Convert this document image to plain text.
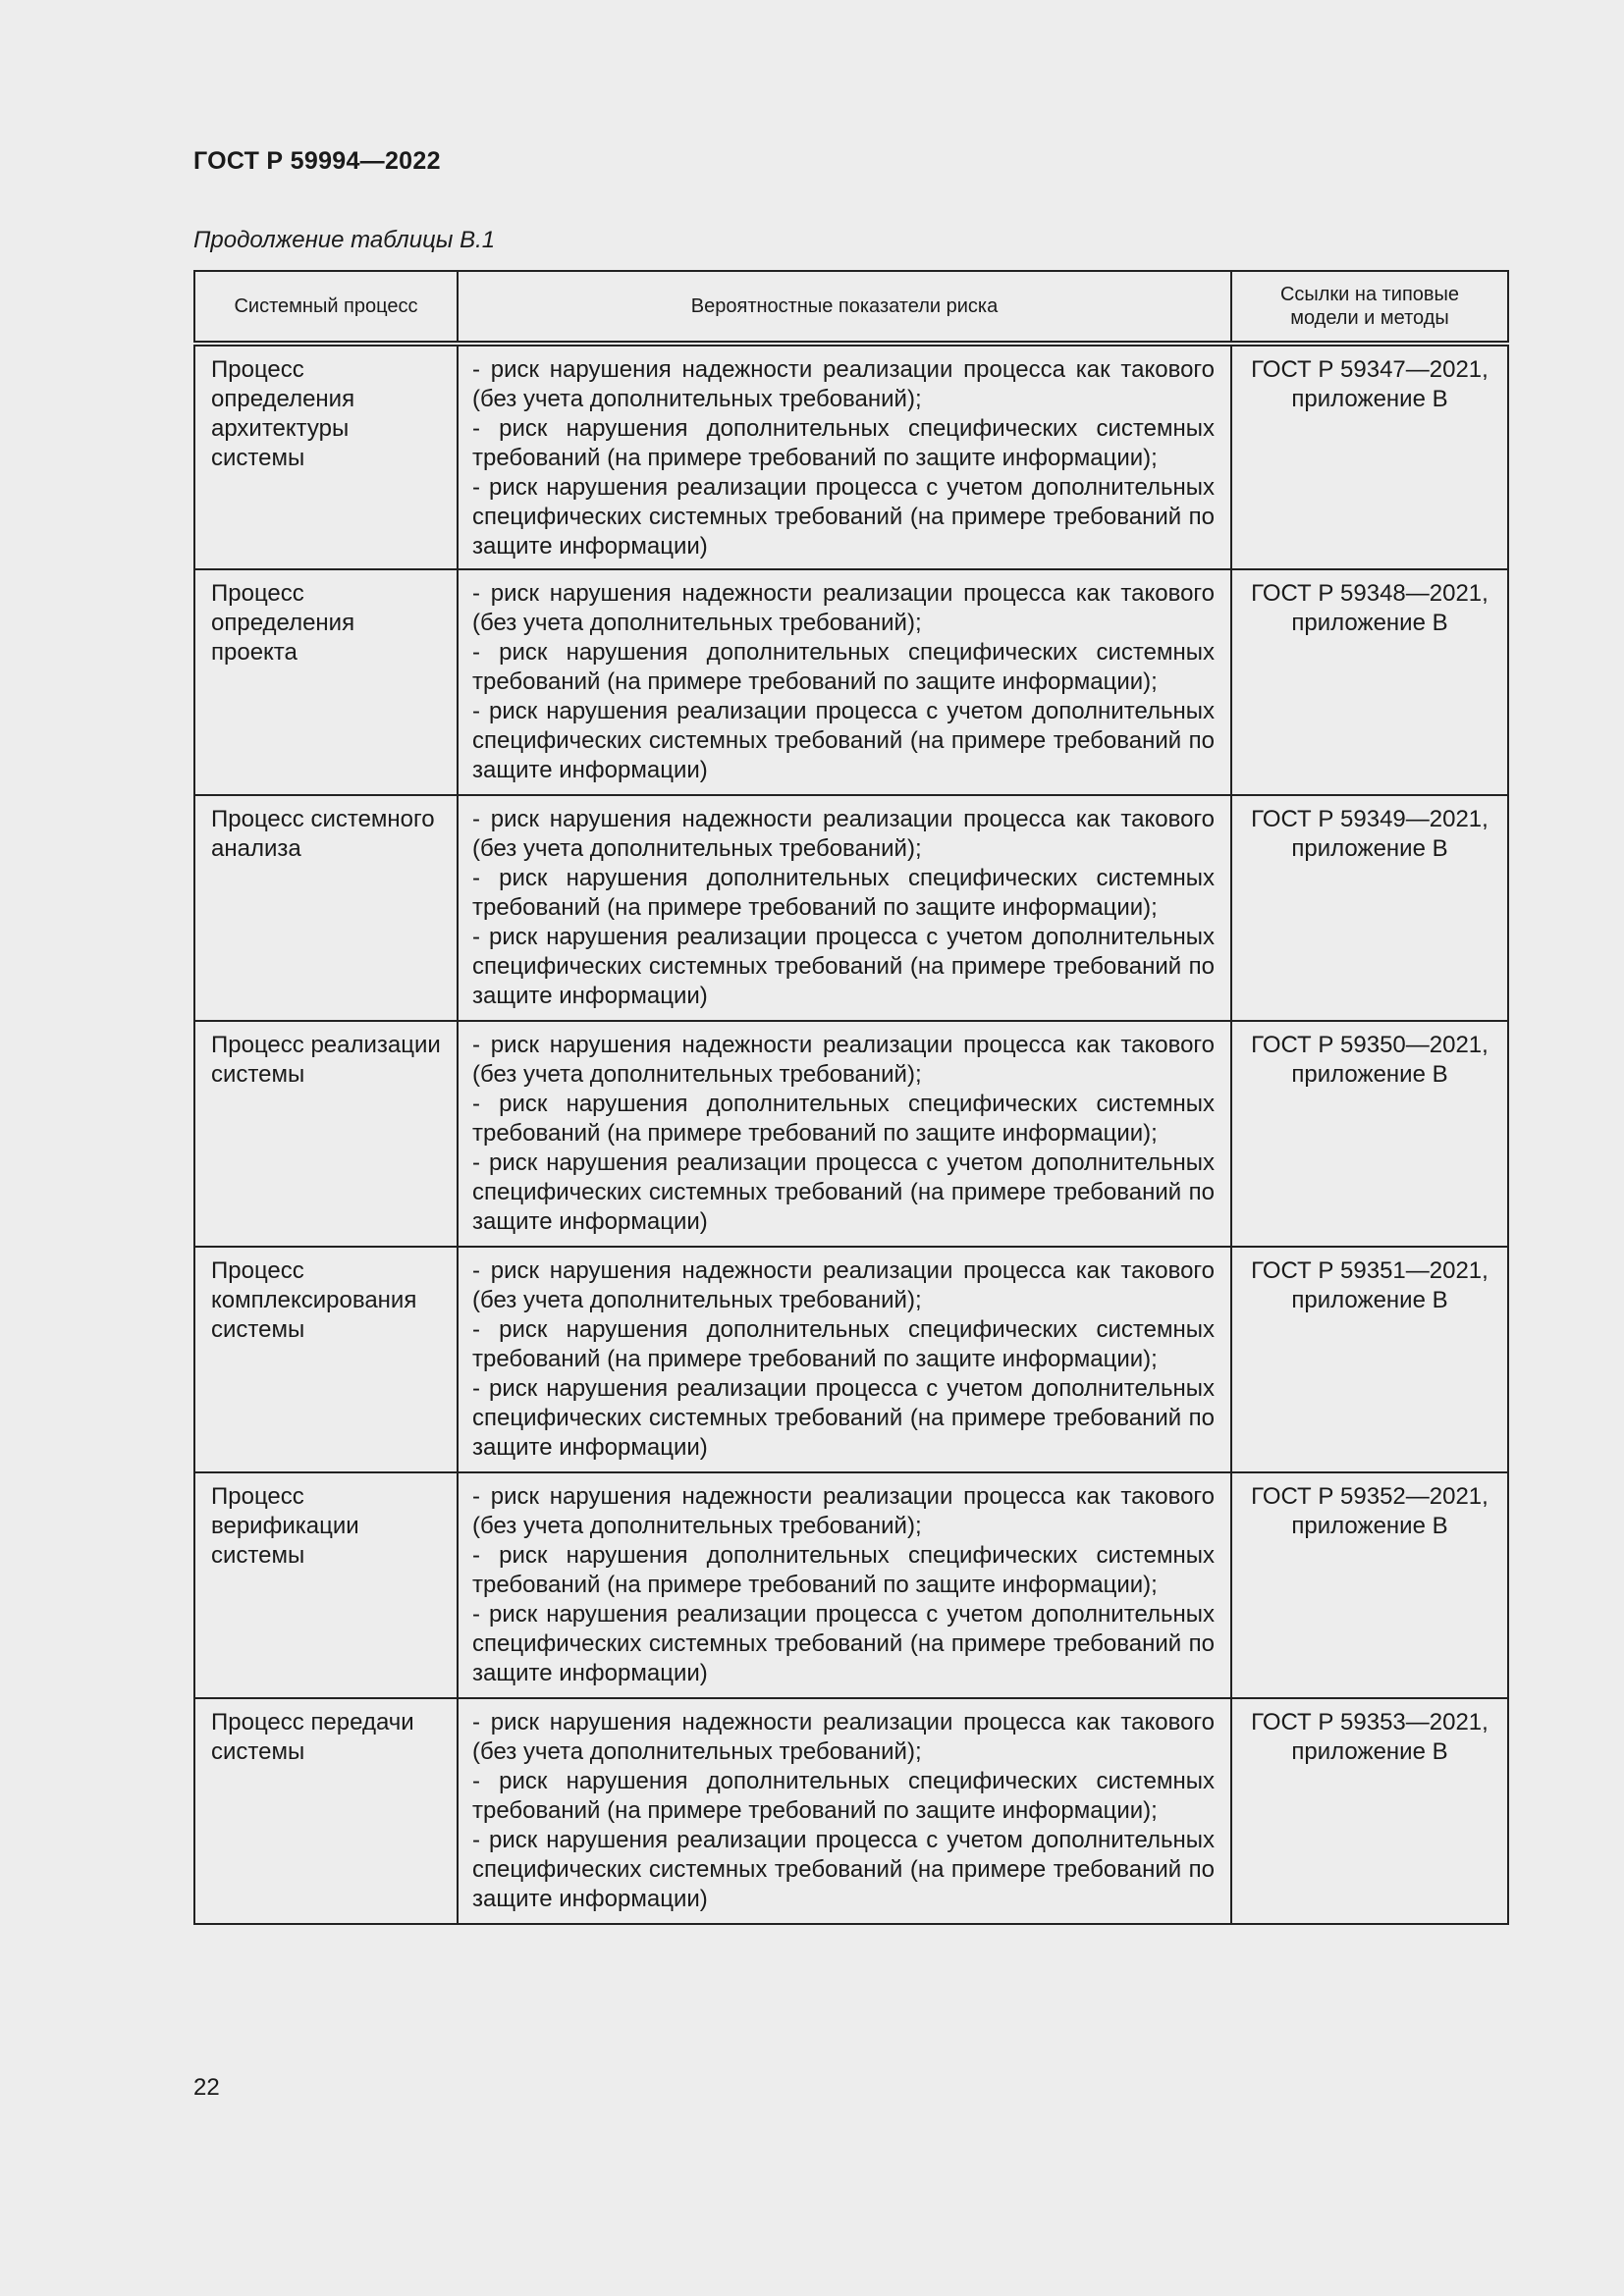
ГОСТ Р 59994—2022
Продолжение таблицы В.1
Системный процесс	Вероятностные показатели риска	Ссылки на типовые модели и методы
Процесс определения архитектуры системы	- риск нарушения надежности реализации процесса как такового (без учета дополнительных требований);
- риск нарушения дополнительных специфических системных требований (на примере требований по защите информации);
- риск нарушения реализации процесса с учетом дополнительных специфических системных требований (на примере требований по защите информации)	ГОСТ Р 59347—2021, приложение В
Процесс определения проекта	- риск нарушения надежности реализации процесса как такового (без учета дополнительных требований);
- риск нарушения дополнительных специфических системных требований (на примере требований по защите информации);
- риск нарушения реализации процесса с учетом дополнительных специфических системных требований (на примере требований по защите информации)	ГОСТ Р 59348—2021, приложение В
Процесс системного анализа	- риск нарушения надежности реализации процесса как такового (без учета дополнительных требований);
- риск нарушения дополнительных специфических системных требований (на примере требований по защите информации);
- риск нарушения реализации процесса с учетом дополнительных специфических системных требований (на примере требований по защите информации)	ГОСТ Р 59349—2021, приложение В
Процесс реализации системы	- риск нарушения надежности реализации процесса как такового (без учета дополнительных требований);
- риск нарушения дополнительных специфических системных требований (на примере требований по защите информации);
- риск нарушения реализации процесса с учетом дополнительных специфических системных требований (на примере требований по защите информации)	ГОСТ Р 59350—2021, приложение В
Процесс комплексирования системы	- риск нарушения надежности реализации процесса как такового (без учета дополнительных требований);
- риск нарушения дополнительных специфических системных требований (на примере требований по защите информации);
- риск нарушения реализации процесса с учетом дополнительных специфических системных требований (на примере требований по защите информации)	ГОСТ Р 59351—2021, приложение В
Процесс верификации системы	- риск нарушения надежности реализации процесса как такового (без учета дополнительных требований);
- риск нарушения дополнительных специфических системных требований (на примере требований по защите информации);
- риск нарушения реализации процесса с учетом дополнительных специфических системных требований (на примере требований по защите информации)	ГОСТ Р 59352—2021, приложение В
Процесс передачи системы	- риск нарушения надежности реализации процесса как такового (без учета дополнительных требований);
- риск нарушения дополнительных специфических системных требований (на примере требований по защите информации);
- риск нарушения реализации процесса с учетом дополнительных специфических системных требований (на примере требований по защите информации)	ГОСТ Р 59353—2021, приложение В
22
